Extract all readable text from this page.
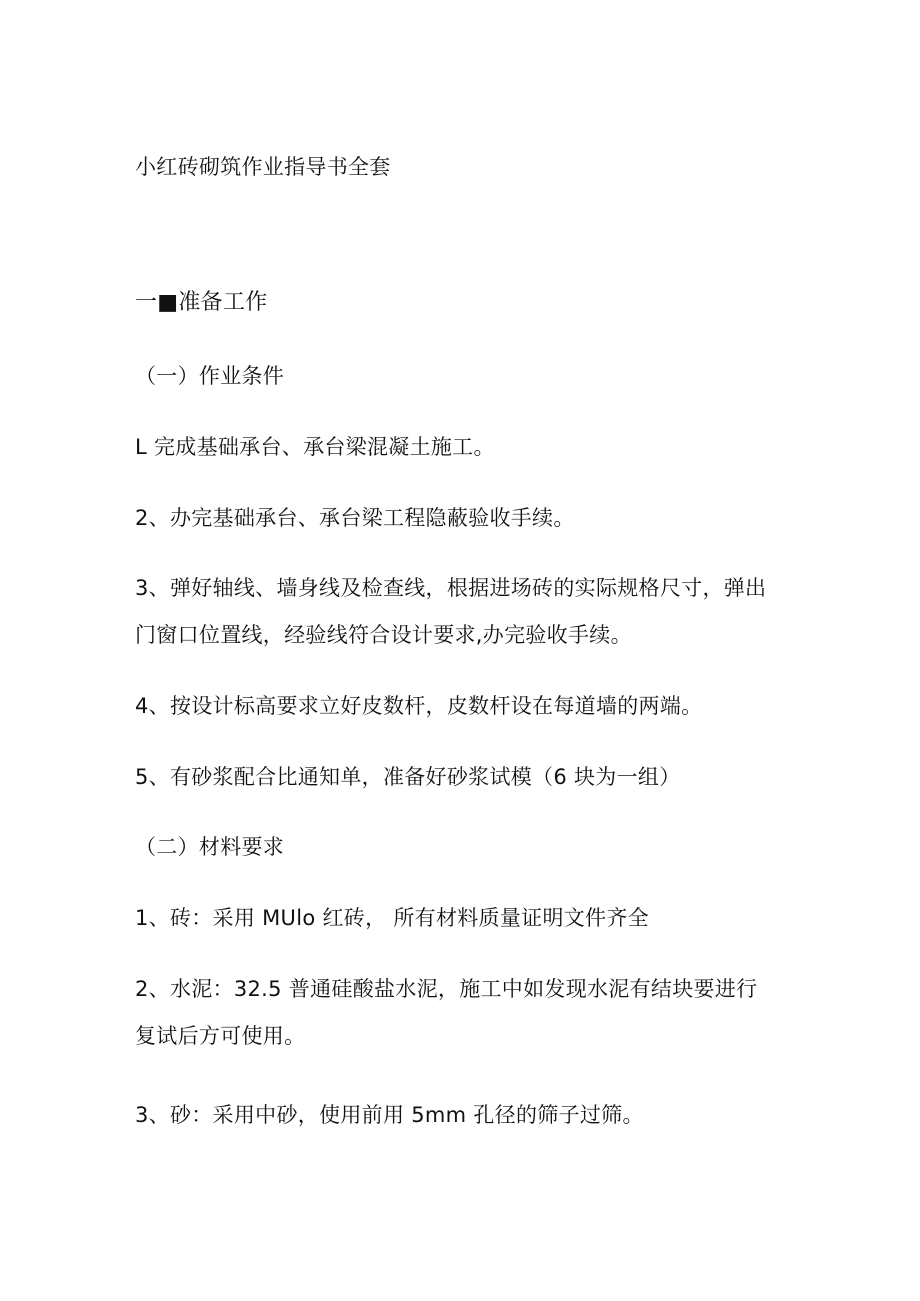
小红砖砌筑作业指导书全套
一■准备工作
（一）作业条件
L 完成基础承台、承台梁混凝土施工。
2、办完基础承台、承台梁工程隐蔽验收手续。
3、弹好轴线、墙身线及检查线，根据进场砖的实际规格尺寸，弹出
门窗口位置线，经验线符合设计要求,办完验收手续。
4、按设计标高要求立好皮数杆，皮数杆设在每道墙的两端。
5、有砂浆配合比通知单，准备好砂浆试模（6 块为一组）
（二）材料要求
1、砖：采用 MUlo 红砖， 所有材料质量证明文件齐全
2、水泥：32.5 普通硅酸盐水泥，施工中如发现水泥有结块要进行
复试后方可使用。
3、砂：采用中砂，使用前用 5mm 孔径的筛子过筛。
